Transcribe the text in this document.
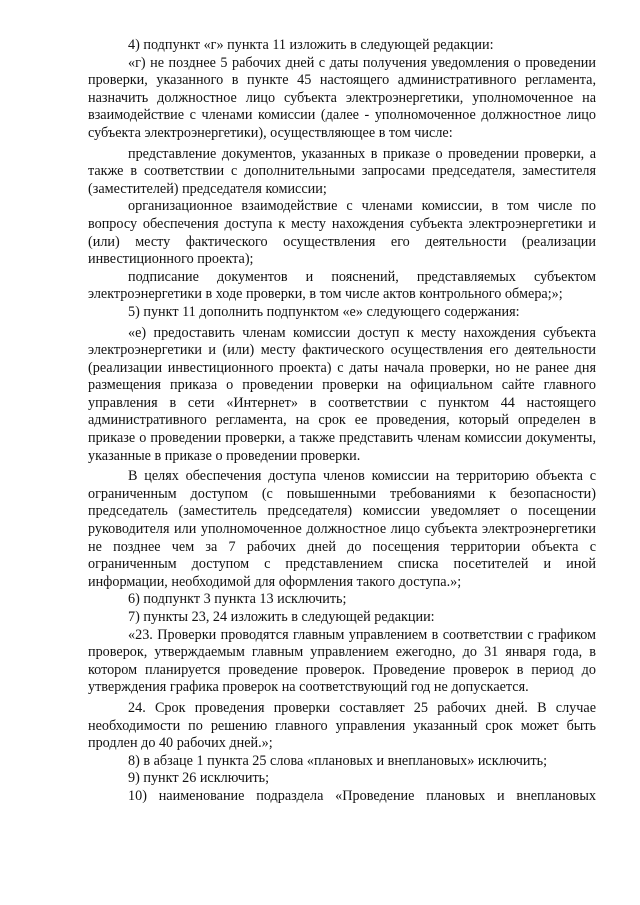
4) подпункт «г» пункта 11 изложить в следующей редакции:

«г) не позднее 5 рабочих дней с даты получения уведомления о проведении проверки, указанного в пункте 45 настоящего административного регламента, назначить должностное лицо субъекта электроэнергетики, уполномоченное на взаимодействие с членами комиссии (далее - уполномоченное должностное лицо субъекта электроэнергетики), осуществляющее в том числе:

представление документов, указанных в приказе о проведении проверки, а также в соответствии с дополнительными запросами председателя, заместителя (заместителей) председателя комиссии;

организационное взаимодействие с членами комиссии, в том числе по вопросу обеспечения доступа к месту нахождения субъекта электроэнергетики и (или) месту фактического осуществления его деятельности (реализации инвестиционного проекта);

подписание документов и пояснений, представляемых субъектом электроэнергетики в ходе проверки, в том числе актов контрольного обмера;»;

5) пункт 11 дополнить подпунктом «е» следующего содержания:

«е) предоставить членам комиссии доступ к месту нахождения субъекта электроэнергетики и (или) месту фактического осуществления его деятельности (реализации инвестиционного проекта) с даты начала проверки, но не ранее дня размещения приказа о проведении проверки на официальном сайте главного управления в сети «Интернет» в соответствии с пунктом 44 настоящего административного регламента, на срок ее проведения, который определен в приказе о проведении проверки, а также представить членам комиссии документы, указанные в приказе о проведении проверки.

В целях обеспечения доступа членов комиссии на территорию объекта с ограниченным доступом (с повышенными требованиями к безопасности) председатель (заместитель председателя) комиссии уведомляет о посещении руководителя или уполномоченное должностное лицо субъекта электроэнергетики не позднее чем за 7 рабочих дней до посещения территории объекта с ограниченным доступом с представлением списка посетителей и иной информации, необходимой для оформления такого доступа.»;

6) подпункт 3 пункта 13 исключить;

7) пункты 23, 24 изложить в следующей редакции:

«23. Проверки проводятся главным управлением в соответствии с графиком проверок, утверждаемым главным управлением ежегодно, до 31 января года, в котором планируется проведение проверок. Проведение проверок в период до утверждения графика проверок на соответствующий год не допускается.

24. Срок проведения проверки составляет 25 рабочих дней. В случае необходимости по решению главного управления указанный срок может быть продлен до 40 рабочих дней.»;

8) в абзаце 1 пункта 25 слова «плановых и внеплановых» исключить;

9) пункт 26 исключить;

10) наименование подраздела «Проведение плановых и внеплановых
